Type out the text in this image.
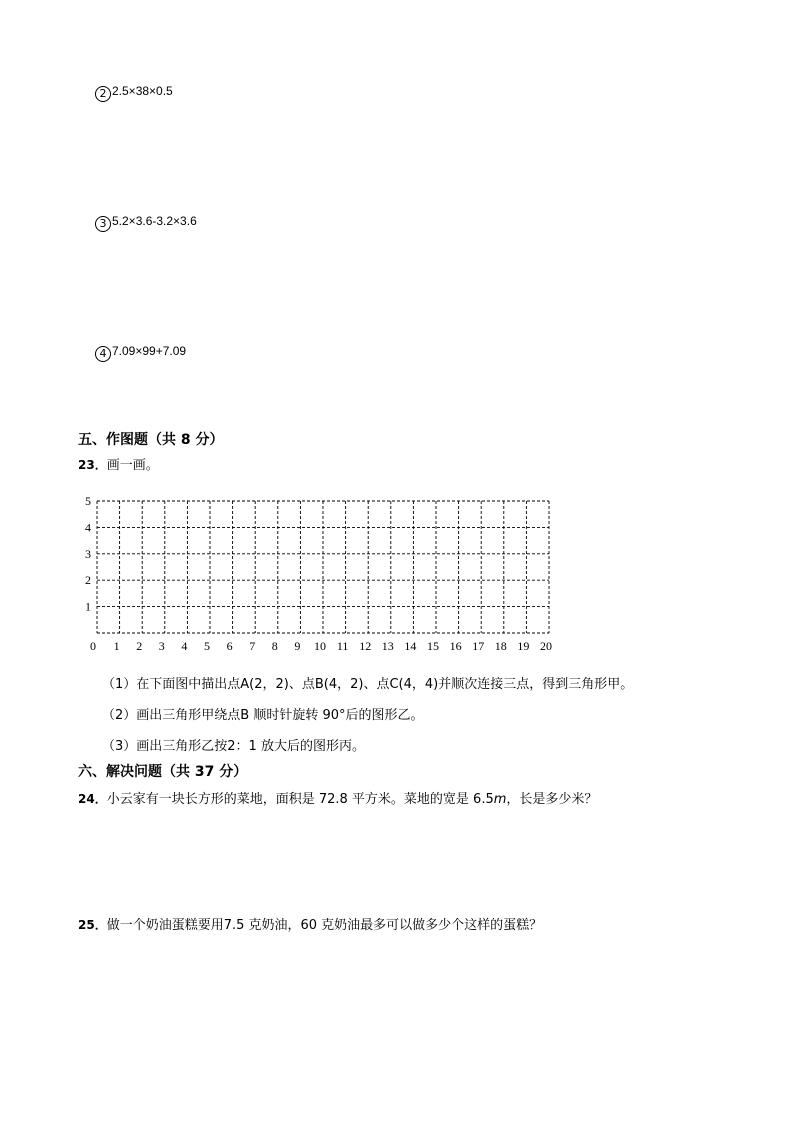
2 2.5×38×0.5
3 5.2×3.6-3.2×3.6
4 7.09×99+7.09
五、作图题（共 8 分）
23．画一画。
5
4
3
2
1
0 1 2 3 4 5 6 7 8 9 10 11 12 13 14 15 16 17 18 19 20
（1）在下面图中描出点A(2，2)、点B(4，2)、点C(4，4)并顺次连接三点，得到三角形甲。
（2）画出三角形甲绕点B 顺时针旋转 90°后的图形乙。
（3）画出三角形乙按2：1 放大后的图形丙。
六、解决问题（共 37 分）
24．小云家有一块长方形的菜地，面积是 72.8 平方米。菜地的宽是 6.5m，长是多少米？
25．做一个奶油蛋糕要用7.5 克奶油，60 克奶油最多可以做多少个这样的蛋糕？
